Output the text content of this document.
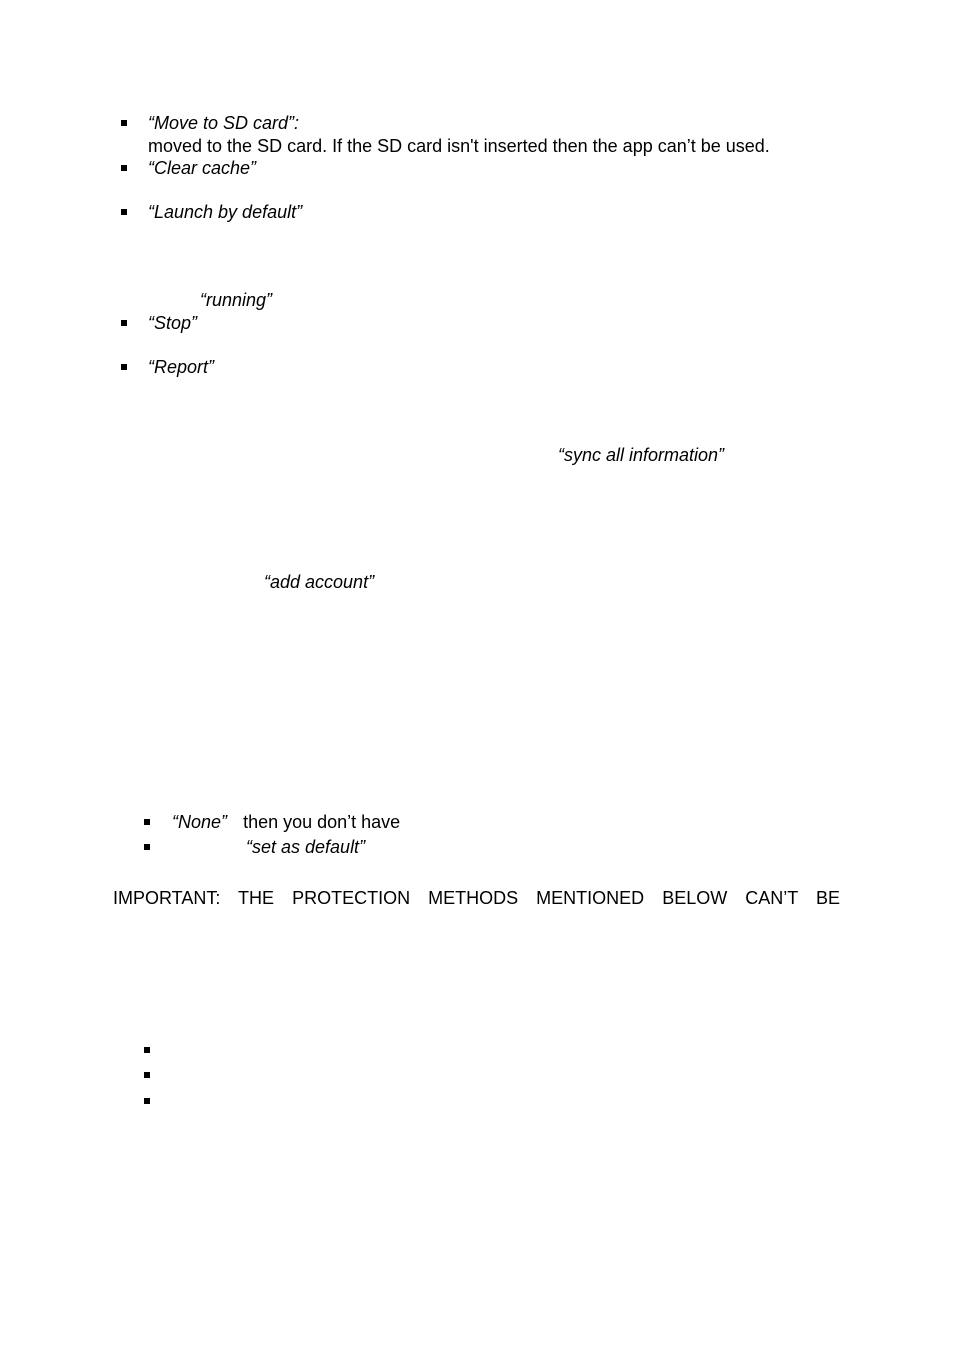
“Move to SD card”:
moved to the SD card. If the SD card isn't inserted then the app can’t be used.
“Clear cache”
“Launch by default”
“running”
“Stop”
“Report”
“sync all information”
“add account”
“None” then you don’t have
“set as default”
IMPORTANT: THE PROTECTION METHODS MENTIONED BELOW CAN’T BE
